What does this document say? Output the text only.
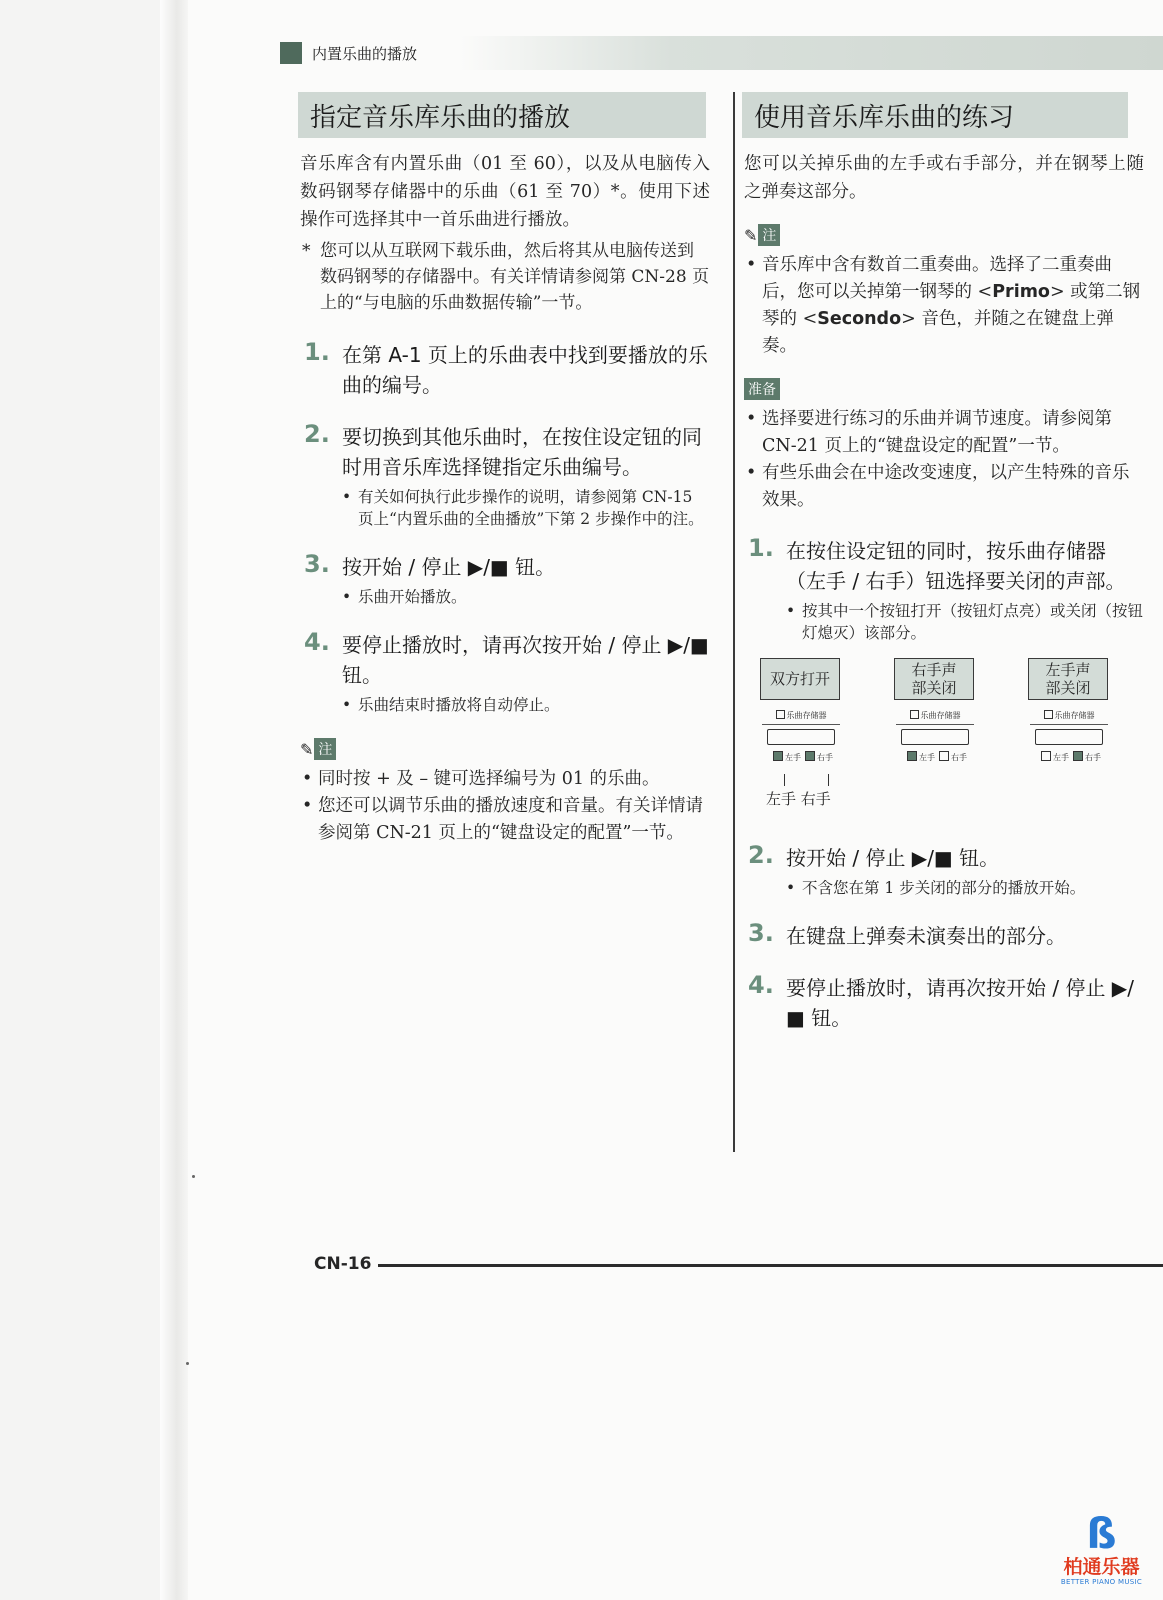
内置乐曲的播放
指定音乐库乐曲的播放

音乐库含有内置乐曲（01 至 60），以及从电脑传入数码钢琴存储器中的乐曲（61 至 70）*。使用下述操作可选择其中一首乐曲进行播放。

* 您可以从互联网下载乐曲，然后将其从电脑传送到数码钢琴的存储器中。有关详情请参阅第 CN-28 页上的“与电脑的乐曲数据传输”一节。
1. 在第 A-1 页上的乐曲表中找到要播放的乐曲的编号。
2. 要切换到其他乐曲时，在按住设定钮的同时用音乐库选择键指定乐曲编号。
• 有关如何执行此步操作的说明，请参阅第 CN-15 页上“内置乐曲的全曲播放”下第 2 步操作中的注。
3. 按开始 / 停止 ▶/■ 钮。
• 乐曲开始播放。
4. 要停止播放时，请再次按开始 / 停止 ▶/■ 钮。
• 乐曲结束时播放将自动停止。
✎ 注
• 同时按 + 及 – 键可选择编号为 01 的乐曲。
• 您还可以调节乐曲的播放速度和音量。有关详情请参阅第 CN-21 页上的“键盘设定的配置”一节。
使用音乐库乐曲的练习

您可以关掉乐曲的左手或右手部分，并在钢琴上随之弹奏这部分。

✎ 注
• 音乐库中含有数首二重奏曲。选择了二重奏曲后，您可以关掉第一钢琴的 <Primo> 或第二钢琴的 <Secondo> 音色，并随之在键盘上弹奏。
准备
• 选择要进行练习的乐曲并调节速度。请参阅第 CN-21 页上的“键盘设定的配置”一节。
• 有些乐曲会在中途改变速度，以产生特殊的音乐效果。
1. 在按住设定钮的同时，按乐曲存储器（左手 / 右手）钮选择要关闭的声部。
• 按其中一个按钮打开（按钮灯点亮）或关闭（按钮灯熄灭）该部分。
双方打开
乐曲存储器
左手 右手
右手声部关闭
乐曲存储器
左手 右手
左手声部关闭
乐曲存储器
左手 右手
左手 右手
2. 按开始 / 停止 ▶/■ 钮。
• 不含您在第 1 步关闭的部分的播放开始。
3. 在键盘上弹奏未演奏出的部分。
4. 要停止播放时，请再次按开始 / 停止 ▶/■ 钮。
CN-16
ß
柏通乐器
BETTER PIANO MUSIC
